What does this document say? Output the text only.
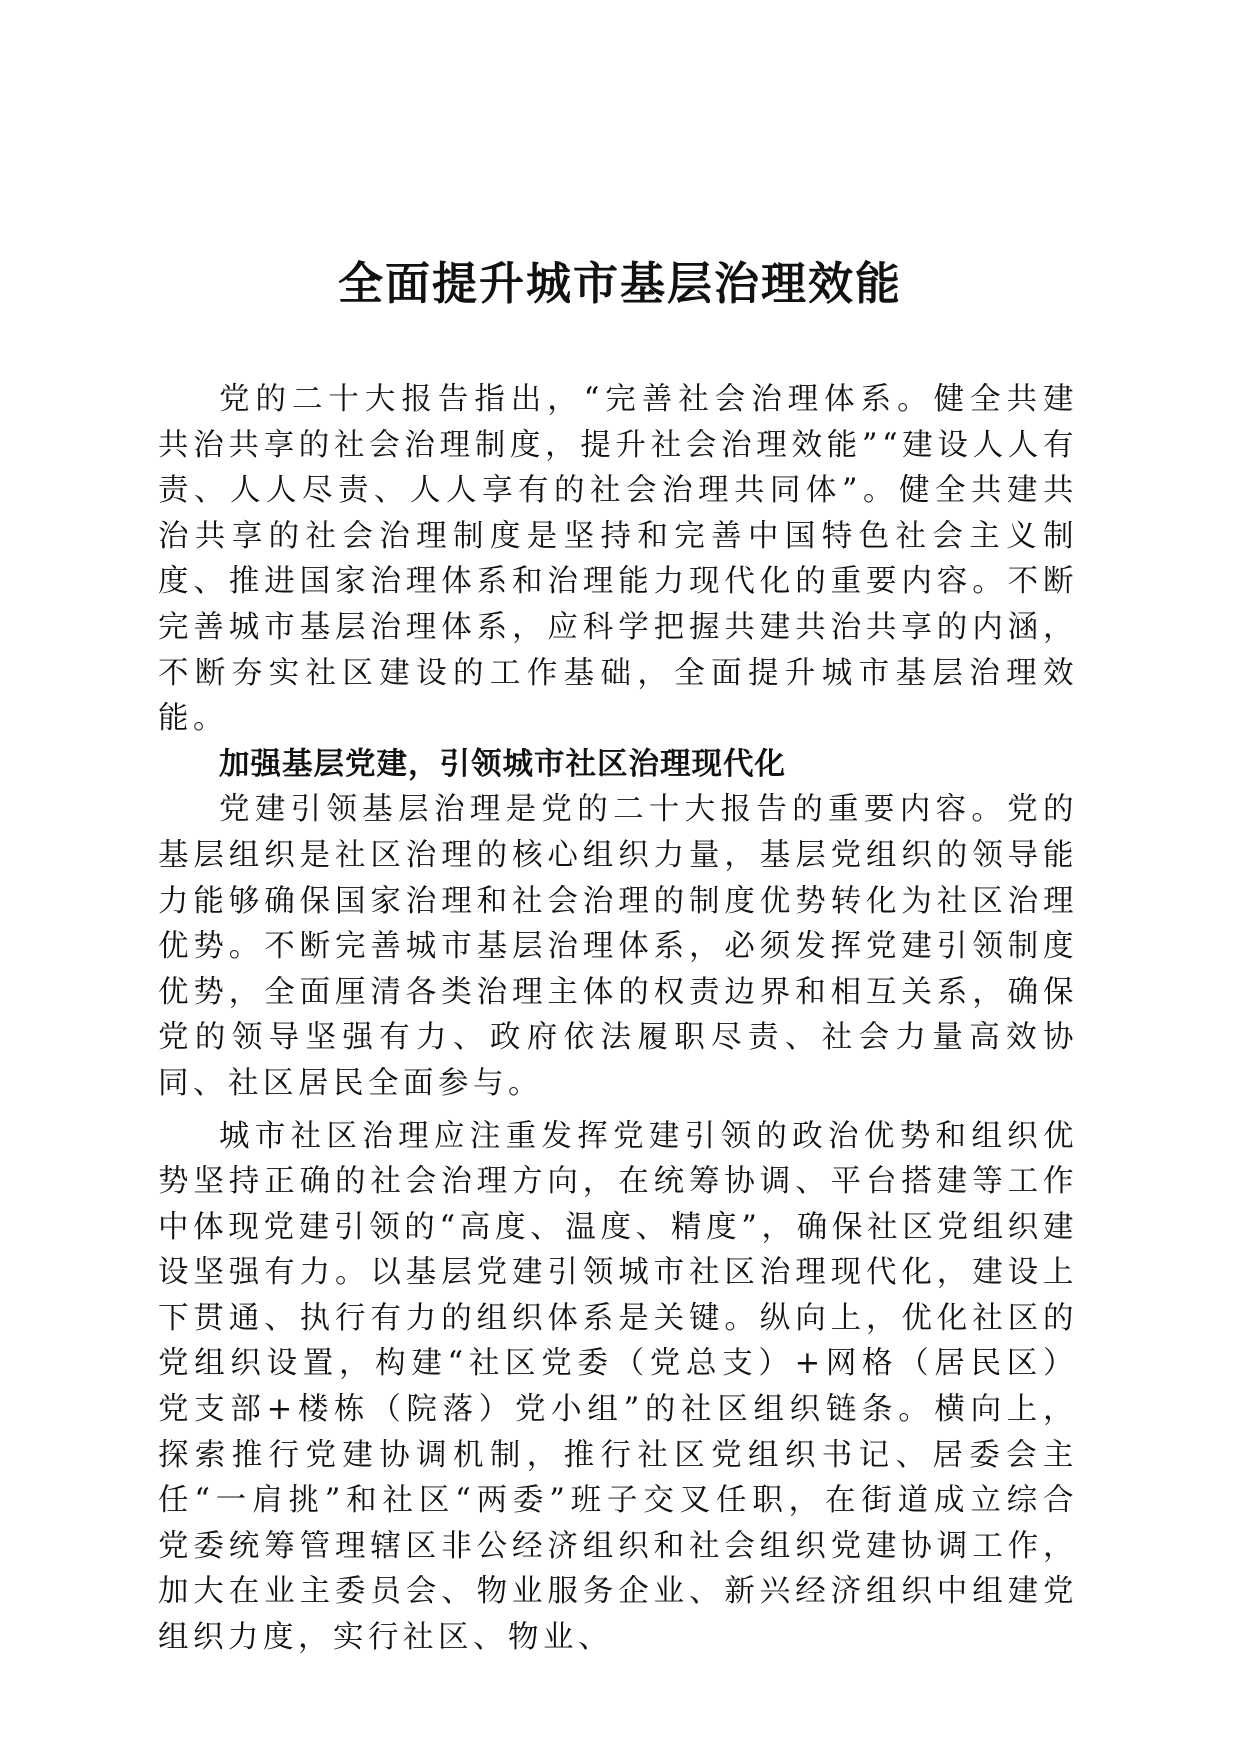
全面提升城市基层治理效能

党的二十大报告指出，“完善社会治理体系。健全共建共治共享的社会治理制度，提升社会治理效能”“建设人人有责、人人尽责、人人享有的社会治理共同体”。健全共建共治共享的社会治理制度是坚持和完善中国特色社会主义制度、推进国家治理体系和治理能力现代化的重要内容。不断完善城市基层治理体系，应科学把握共建共治共享的内涵，不断夯实社区建设的工作基础，全面提升城市基层治理效能。

加强基层党建，引领城市社区治理现代化

党建引领基层治理是党的二十大报告的重要内容。党的基层组织是社区治理的核心组织力量，基层党组织的领导能力能够确保国家治理和社会治理的制度优势转化为社区治理优势。不断完善城市基层治理体系，必须发挥党建引领制度优势，全面厘清各类治理主体的权责边界和相互关系，确保党的领导坚强有力、政府依法履职尽责、社会力量高效协同、社区居民全面参与。

城市社区治理应注重发挥党建引领的政治优势和组织优势坚持正确的社会治理方向，在统筹协调、平台搭建等工作中体现党建引领的“高度、温度、精度”，确保社区党组织建设坚强有力。以基层党建引领城市社区治理现代化，建设上下贯通、执行有力的组织体系是关键。纵向上，优化社区的党组织设置，构建“社区党委（党总支）+网格（居民区）党支部+楼栋（院落）党小组”的社区组织链条。横向上，探索推行党建协调机制，推行社区党组织书记、居委会主任“一肩挑”和社区“两委”班子交叉任职，在街道成立综合党委统筹管理辖区非公经济组织和社会组织党建协调工作，加大在业主委员会、物业服务企业、新兴经济组织中组建党组织力度，实行社区、物业、
